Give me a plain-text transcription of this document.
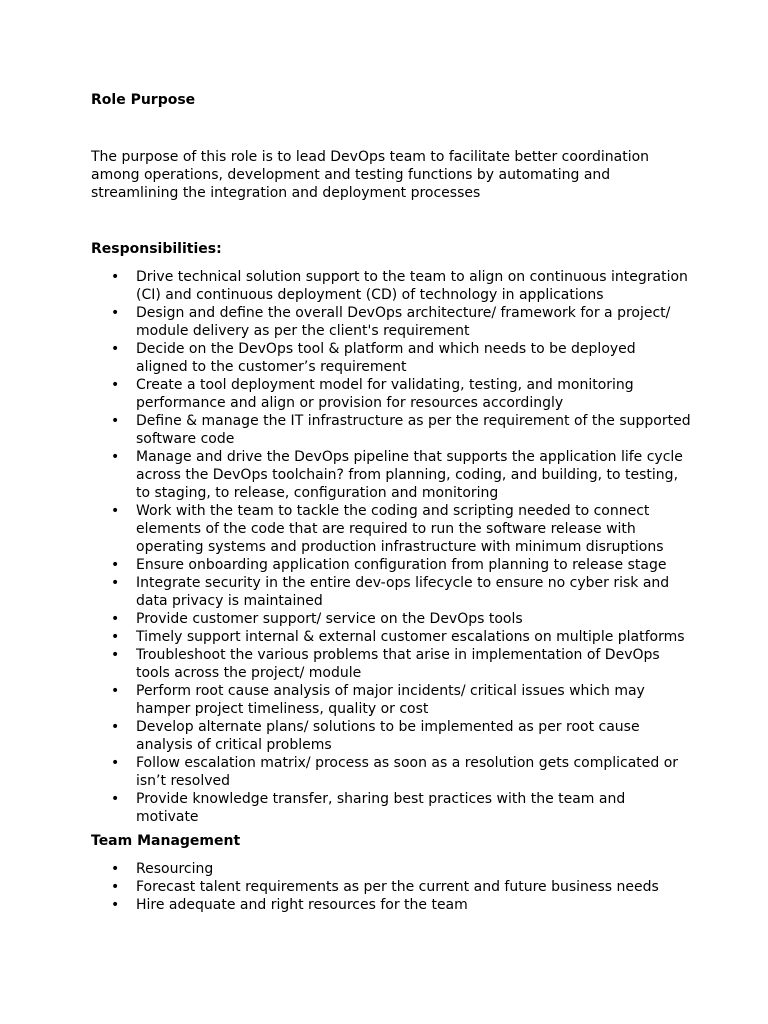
Role Purpose

The purpose of this role is to lead DevOps team to facilitate better coordination among operations, development and testing functions by automating and streamlining the integration and deployment processes

Responsibilities:
•	Drive technical solution support to the team to align on continuous integration (CI) and continuous deployment (CD) of technology in applications
•	Design and define the overall DevOps architecture/ framework for a project/ module delivery as per the client's requirement
•	Decide on the DevOps tool & platform and which needs to be deployed aligned to the customer’s requirement
•	Create a tool deployment model for validating, testing, and monitoring performance and align or provision for resources accordingly
•	Define & manage the IT infrastructure as per the requirement of the supported software code
•	Manage and drive the DevOps pipeline that supports the application life cycle across the DevOps toolchain? from planning, coding, and building, to testing, to staging, to release, configuration and monitoring
•	Work with the team to tackle the coding and scripting needed to connect elements of the code that are required to run the software release with operating systems and production infrastructure with minimum disruptions
•	Ensure onboarding application configuration from planning to release stage
•	Integrate security in the entire dev-ops lifecycle to ensure no cyber risk and data privacy is maintained
•	Provide customer support/ service on the DevOps tools
•	Timely support internal & external customer escalations on multiple platforms
•	Troubleshoot the various problems that arise in implementation of DevOps tools across the project/ module
•	Perform root cause analysis of major incidents/ critical issues which may hamper project timeliness, quality or cost
•	Develop alternate plans/ solutions to be implemented as per root cause analysis of critical problems
•	Follow escalation matrix/ process as soon as a resolution gets complicated or isn’t resolved
•	Provide knowledge transfer, sharing best practices with the team and motivate
Team Management
•	Resourcing
•	Forecast talent requirements as per the current and future business needs
•	Hire adequate and right resources for the team
